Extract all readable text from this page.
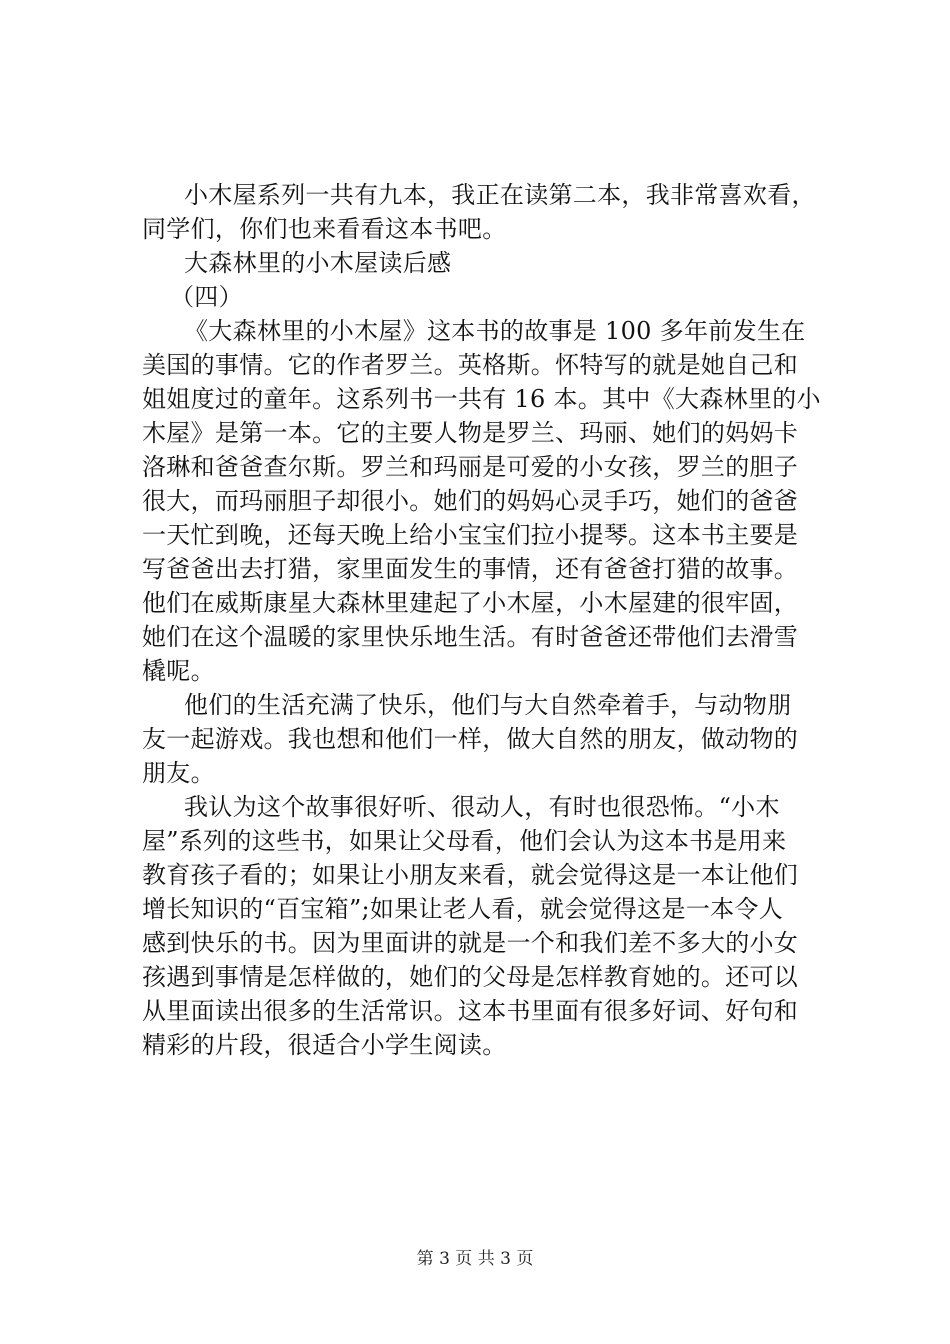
小木屋系列一共有九本，我正在读第二本，我非常喜欢看，
同学们，你们也来看看这本书吧。
大森林里的小木屋读后感
（四）
《大森林里的小木屋》这本书的故事是 100 多年前发生在
美国的事情。它的作者罗兰。英格斯。怀特写的就是她自己和
姐姐度过的童年。这系列书一共有 16 本。其中《大森林里的小
木屋》是第一本。它的主要人物是罗兰、玛丽、她们的妈妈卡
洛琳和爸爸查尔斯。罗兰和玛丽是可爱的小女孩，罗兰的胆子
很大，而玛丽胆子却很小。她们的妈妈心灵手巧，她们的爸爸
一天忙到晚，还每天晚上给小宝宝们拉小提琴。这本书主要是
写爸爸出去打猎，家里面发生的事情，还有爸爸打猎的故事。
他们在威斯康星大森林里建起了小木屋，小木屋建的很牢固，
她们在这个温暖的家里快乐地生活。有时爸爸还带他们去滑雪
橇呢。
他们的生活充满了快乐，他们与大自然牵着手，与动物朋
友一起游戏。我也想和他们一样，做大自然的朋友，做动物的
朋友。
我认为这个故事很好听、很动人，有时也很恐怖。“小木
屋”系列的这些书，如果让父母看，他们会认为这本书是用来
教育孩子看的；如果让小朋友来看，就会觉得这是一本让他们
增长知识的“百宝箱”;如果让老人看，就会觉得这是一本令人
感到快乐的书。因为里面讲的就是一个和我们差不多大的小女
孩遇到事情是怎样做的，她们的父母是怎样教育她的。还可以
从里面读出很多的生活常识。这本书里面有很多好词、好句和
精彩的片段，很适合小学生阅读。
第 3 页 共 3 页
